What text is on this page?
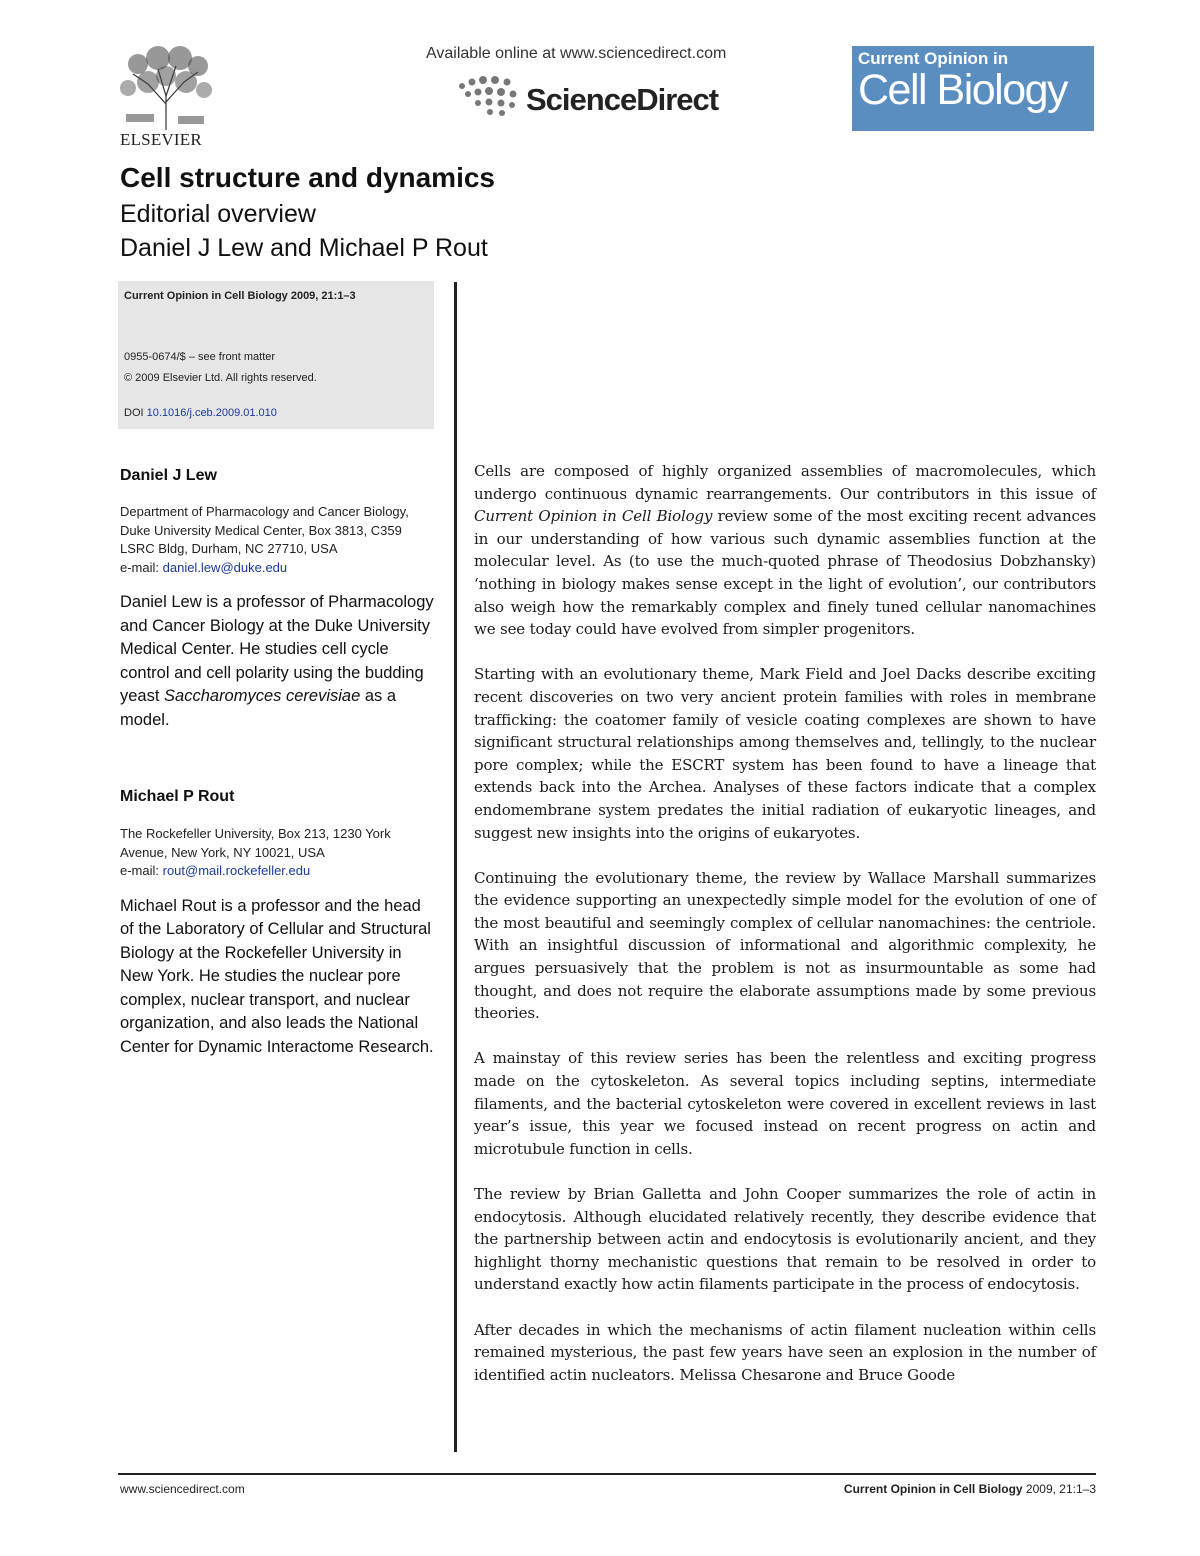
ELSEVIER
Available online at www.sciencedirect.com
ScienceDirect
Current Opinion in
Cell Biology
Cell structure and dynamics
Editorial overview
Daniel J Lew and Michael P Rout
Current Opinion in Cell Biology 2009, 21:1–3
0955-0674/$ – see front matter
© 2009 Elsevier Ltd. All rights reserved.
DOI 10.1016/j.ceb.2009.01.010
Daniel J Lew
Department of Pharmacology and Cancer Biology, Duke University Medical Center, Box 3813, C359 LSRC Bldg, Durham, NC 27710, USA
e-mail: daniel.lew@duke.edu
Daniel Lew is a professor of Pharmacology and Cancer Biology at the Duke University Medical Center. He studies cell cycle control and cell polarity using the budding yeast Saccharomyces cerevisiae as a model.
Michael P Rout
The Rockefeller University, Box 213, 1230 York Avenue, New York, NY 10021, USA
e-mail: rout@mail.rockefeller.edu
Michael Rout is a professor and the head of the Laboratory of Cellular and Structural Biology at the Rockefeller University in New York. He studies the nuclear pore complex, nuclear transport, and nuclear organization, and also leads the National Center for Dynamic Interactome Research.

Cells are composed of highly organized assemblies of macromolecules, which undergo continuous dynamic rearrangements. Our contributors in this issue of Current Opinion in Cell Biology review some of the most exciting recent advances in our understanding of how various such dynamic assemblies function at the molecular level. As (to use the much-quoted phrase of Theodosius Dobzhansky) ‘nothing in biology makes sense except in the light of evolution’, our contributors also weigh how the remarkably complex and finely tuned cellular nanomachines we see today could have evolved from simpler progenitors.

Starting with an evolutionary theme, Mark Field and Joel Dacks describe exciting recent discoveries on two very ancient protein families with roles in membrane trafficking: the coatomer family of vesicle coating complexes are shown to have significant structural relationships among themselves and, tellingly, to the nuclear pore complex; while the ESCRT system has been found to have a lineage that extends back into the Archea. Analyses of these factors indicate that a complex endomembrane system predates the initial radiation of eukaryotic lineages, and suggest new insights into the origins of eukaryotes.

Continuing the evolutionary theme, the review by Wallace Marshall summarizes the evidence supporting an unexpectedly simple model for the evolution of one of the most beautiful and seemingly complex of cellular nanomachines: the centriole. With an insightful discussion of informational and algorithmic complexity, he argues persuasively that the problem is not as insurmountable as some had thought, and does not require the elaborate assumptions made by some previous theories.

A mainstay of this review series has been the relentless and exciting progress made on the cytoskeleton. As several topics including septins, intermediate filaments, and the bacterial cytoskeleton were covered in excellent reviews in last year’s issue, this year we focused instead on recent progress on actin and microtubule function in cells.

The review by Brian Galletta and John Cooper summarizes the role of actin in endocytosis. Although elucidated relatively recently, they describe evidence that the partnership between actin and endocytosis is evolutionarily ancient, and they highlight thorny mechanistic questions that remain to be resolved in order to understand exactly how actin filaments participate in the process of endocytosis.

After decades in which the mechanisms of actin filament nucleation within cells remained mysterious, the past few years have seen an explosion in the number of identified actin nucleators. Melissa Chesarone and Bruce Goode

www.sciencedirect.com	Current Opinion in Cell Biology 2009, 21:1–3
